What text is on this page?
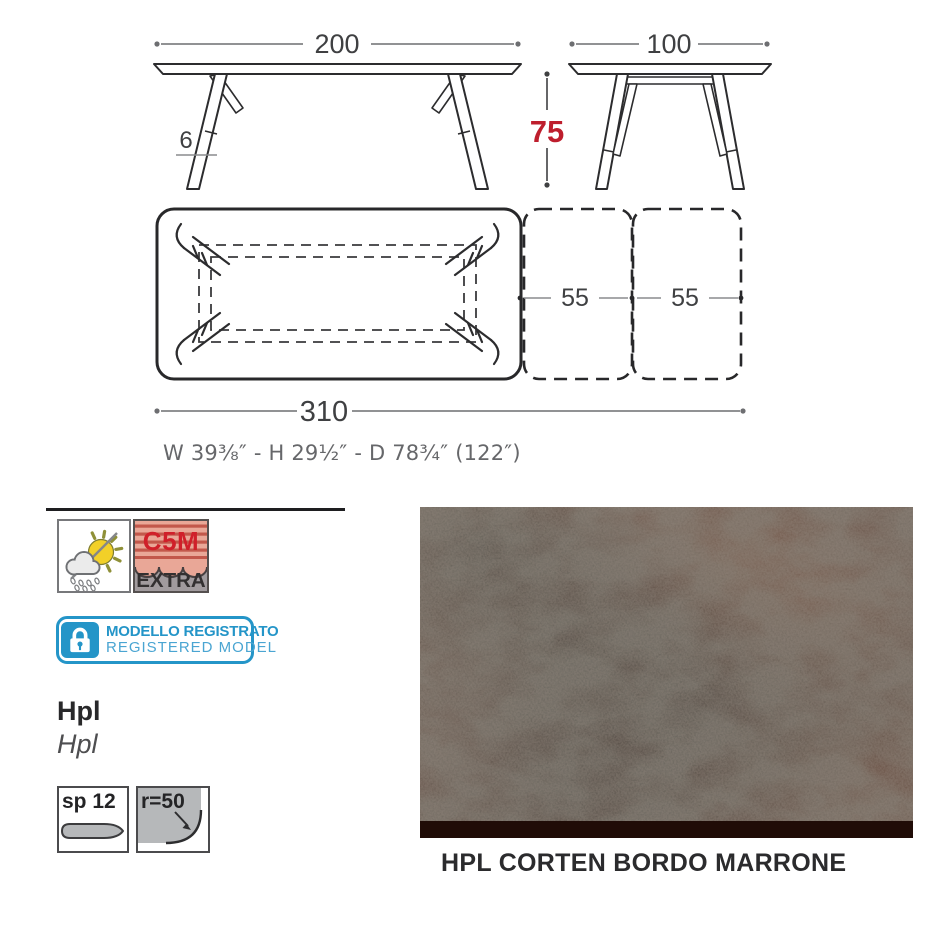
200
6	75
100
55	55
310
W 39³⁄₈″ - H 29¹⁄₂″ - D 78³⁄₄″ (122″)
C5M
EXTRA
MODELLO REGISTRATO
REGISTERED MODEL
Hpl
Hpl
sp 12 r=50
HPL CORTEN BORDO MARRONE
